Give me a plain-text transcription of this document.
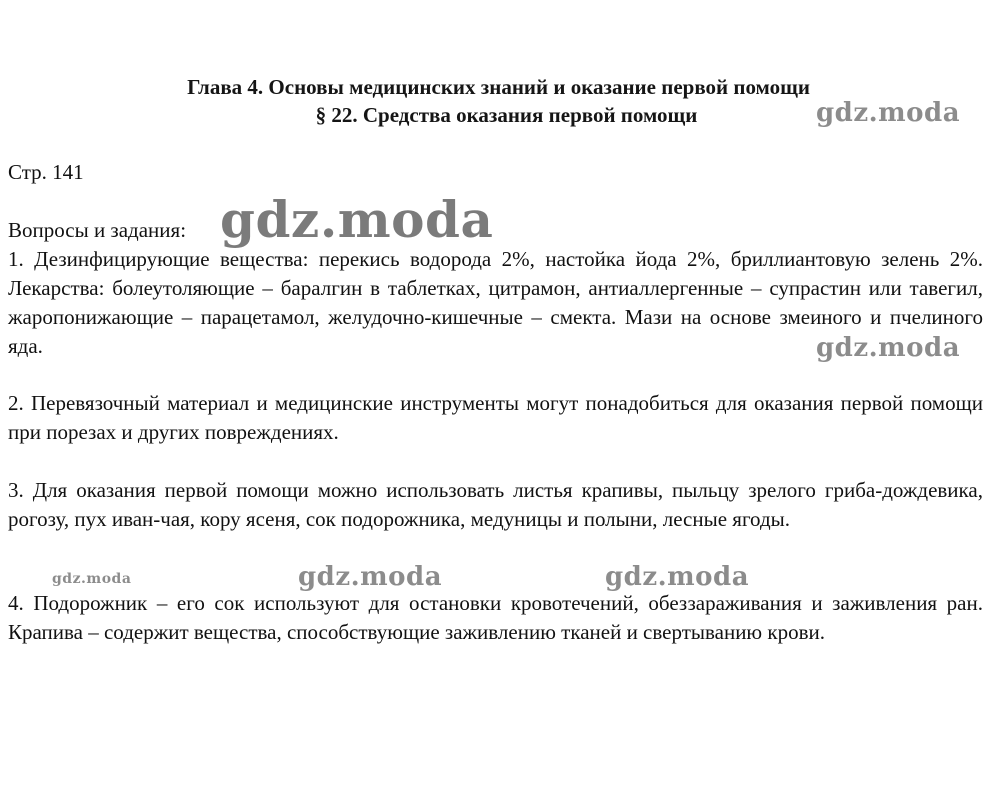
Глава 4. Основы медицинских знаний и оказание первой помощи
§ 22. Средства оказания первой помощи
Стр. 141
Вопросы и задания:

1. Дезинфицирующие вещества: перекись водорода 2%, настойка йода 2%, бриллиантовую зелень 2%. Лекарства: болеутоляющие – баралгин в таблетках, цитрамон, антиаллергенные – супрастин или тавегил, жаропонижающие – парацетамол, желудочно-кишечные – смекта. Мази на основе змеиного и пчелиного яда.

2. Перевязочный материал и медицинские инструменты могут понадобиться для оказания первой помощи при порезах и других повреждениях.

3. Для оказания первой помощи можно использовать листья крапивы, пыльцу зрелого гриба-дождевика, рогозу, пух иван-чая, кору ясеня, сок подорожника, медуницы и полыни, лесные ягоды.

4. Подорожник – его сок используют для остановки кровотечений, обеззараживания и заживления ран. Крапива – содержит вещества, способствующие заживлению тканей и свертыванию крови.

gdz.moda
gdz.moda
gdz.moda
gdz.moda	gdz.moda	gdz.moda
